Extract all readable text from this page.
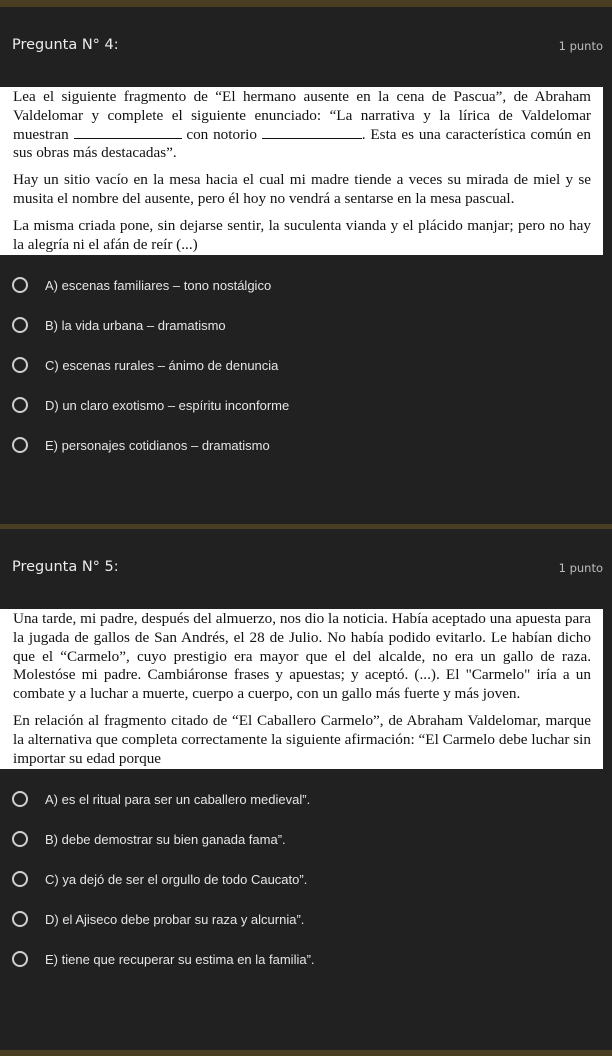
Pregunta N° 4:	1 punto

Lea el siguiente fragmento de “El hermano ausente en la cena de Pascua”, de Abraham Valdelomar y complete el siguiente enunciado: “La narrativa y la lírica de Valdelomar muestran	con notorio	. Esta es una característica común en sus obras más destacadas”.

Hay un sitio vacío en la mesa hacia el cual mi madre tiende a veces su mirada de miel y se musita el nombre del ausente, pero él hoy no vendrá a sentarse en la mesa pascual.

La misma criada pone, sin dejarse sentir, la suculenta vianda y el plácido manjar; pero no hay la alegría ni el afán de reír (...)

A) escenas familiares – tono nostálgico
B) la vida urbana – dramatismo
C) escenas rurales – ánimo de denuncia
D) un claro exotismo – espíritu inconforme
E) personajes cotidianos – dramatismo
Pregunta N° 5:	1 punto

Una tarde, mi padre, después del almuerzo, nos dio la noticia. Había aceptado una apuesta para la jugada de gallos de San Andrés, el 28 de Julio. No había podido evitarlo. Le habían dicho que el “Carmelo”, cuyo prestigio era mayor que el del alcalde, no era un gallo de raza. Molestóse mi padre. Cambiáronse frases y apuestas; y aceptó. (...). El "Carmelo" iría a un combate y a luchar a muerte, cuerpo a cuerpo, con un gallo más fuerte y más joven.

En relación al fragmento citado de “El Caballero Carmelo”, de Abraham Valdelomar, marque la alternativa que completa correctamente la siguiente afirmación: “El Carmelo debe luchar sin importar su edad porque

A) es el ritual para ser un caballero medieval”.
B) debe demostrar su bien ganada fama”.
C) ya dejó de ser el orgullo de todo Caucato”.
D) el Ajiseco debe probar su raza y alcurnia”.
E) tiene que recuperar su estima en la familia”.
